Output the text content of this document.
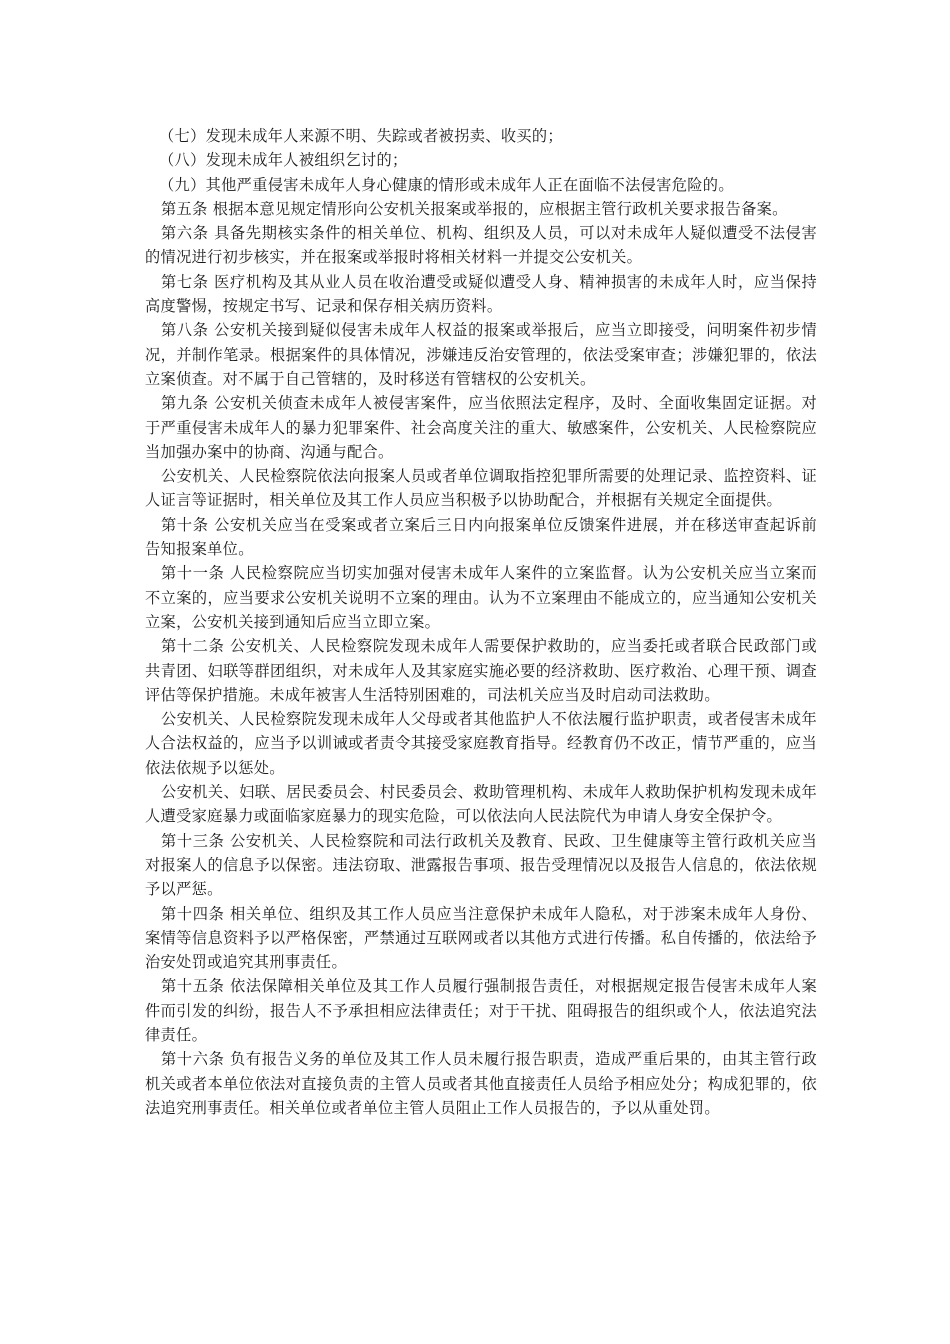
（七）发现未成年人来源不明、失踪或者被拐卖、收买的；

（八）发现未成年人被组织乞讨的；

（九）其他严重侵害未成年人身心健康的情形或未成年人正在面临不法侵害危险的。

第五条 根据本意见规定情形向公安机关报案或举报的，应根据主管行政机关要求报告备案。

第六条 具备先期核实条件的相关单位、机构、组织及人员，可以对未成年人疑似遭受不法侵害的情况进行初步核实，并在报案或举报时将相关材料一并提交公安机关。

第七条 医疗机构及其从业人员在收治遭受或疑似遭受人身、精神损害的未成年人时，应当保持高度警惕，按规定书写、记录和保存相关病历资料。

第八条 公安机关接到疑似侵害未成年人权益的报案或举报后，应当立即接受，问明案件初步情况，并制作笔录。根据案件的具体情况，涉嫌违反治安管理的，依法受案审查；涉嫌犯罪的，依法立案侦查。对不属于自己管辖的，及时移送有管辖权的公安机关。

第九条 公安机关侦查未成年人被侵害案件，应当依照法定程序，及时、全面收集固定证据。对于严重侵害未成年人的暴力犯罪案件、社会高度关注的重大、敏感案件，公安机关、人民检察院应当加强办案中的协商、沟通与配合。

公安机关、人民检察院依法向报案人员或者单位调取指控犯罪所需要的处理记录、监控资料、证人证言等证据时，相关单位及其工作人员应当积极予以协助配合，并根据有关规定全面提供。

第十条 公安机关应当在受案或者立案后三日内向报案单位反馈案件进展，并在移送审查起诉前告知报案单位。

第十一条 人民检察院应当切实加强对侵害未成年人案件的立案监督。认为公安机关应当立案而不立案的，应当要求公安机关说明不立案的理由。认为不立案理由不能成立的，应当通知公安机关立案，公安机关接到通知后应当立即立案。

第十二条 公安机关、人民检察院发现未成年人需要保护救助的，应当委托或者联合民政部门或共青团、妇联等群团组织，对未成年人及其家庭实施必要的经济救助、医疗救治、心理干预、调查评估等保护措施。未成年被害人生活特别困难的，司法机关应当及时启动司法救助。

公安机关、人民检察院发现未成年人父母或者其他监护人不依法履行监护职责，或者侵害未成年人合法权益的，应当予以训诫或者责令其接受家庭教育指导。经教育仍不改正，情节严重的，应当依法依规予以惩处。

公安机关、妇联、居民委员会、村民委员会、救助管理机构、未成年人救助保护机构发现未成年人遭受家庭暴力或面临家庭暴力的现实危险，可以依法向人民法院代为申请人身安全保护令。

第十三条 公安机关、人民检察院和司法行政机关及教育、民政、卫生健康等主管行政机关应当对报案人的信息予以保密。违法窃取、泄露报告事项、报告受理情况以及报告人信息的，依法依规予以严惩。

第十四条 相关单位、组织及其工作人员应当注意保护未成年人隐私，对于涉案未成年人身份、案情等信息资料予以严格保密，严禁通过互联网或者以其他方式进行传播。私自传播的，依法给予治安处罚或追究其刑事责任。

第十五条 依法保障相关单位及其工作人员履行强制报告责任，对根据规定报告侵害未成年人案件而引发的纠纷，报告人不予承担相应法律责任；对于干扰、阻碍报告的组织或个人，依法追究法律责任。

第十六条 负有报告义务的单位及其工作人员未履行报告职责，造成严重后果的，由其主管行政机关或者本单位依法对直接负责的主管人员或者其他直接责任人员给予相应处分；构成犯罪的，依法追究刑事责任。相关单位或者单位主管人员阻止工作人员报告的，予以从重处罚。
